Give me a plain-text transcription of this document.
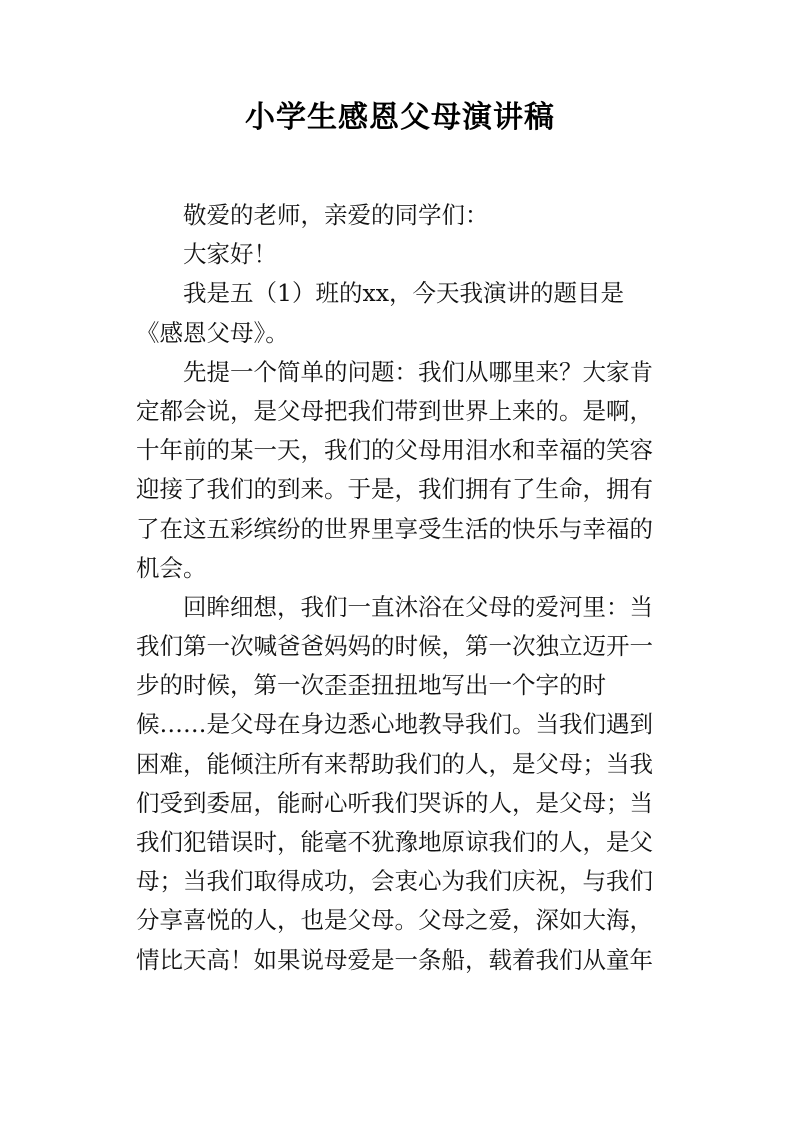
小学生感恩父母演讲稿
敬爱的老师，亲爱的同学们：
大家好！
我是五（1）班的xx，今天我演讲的题目是
《感恩父母》。
先提一个简单的问题：我们从哪里来？大家肯
定都会说，是父母把我们带到世界上来的。是啊，
十年前的某一天，我们的父母用泪水和幸福的笑容
迎接了我们的到来。于是，我们拥有了生命，拥有
了在这五彩缤纷的世界里享受生活的快乐与幸福的
机会。
回眸细想，我们一直沐浴在父母的爱河里：当
我们第一次喊爸爸妈妈的时候，第一次独立迈开一
步的时候，第一次歪歪扭扭地写出一个字的时
候……是父母在身边悉心地教导我们。当我们遇到
困难，能倾注所有来帮助我们的人，是父母；当我
们受到委屈，能耐心听我们哭诉的人，是父母；当
我们犯错误时，能毫不犹豫地原谅我们的人，是父
母；当我们取得成功，会衷心为我们庆祝，与我们
分享喜悦的人，也是父母。父母之爱，深如大海，
情比天高！如果说母爱是一条船，载着我们从童年
